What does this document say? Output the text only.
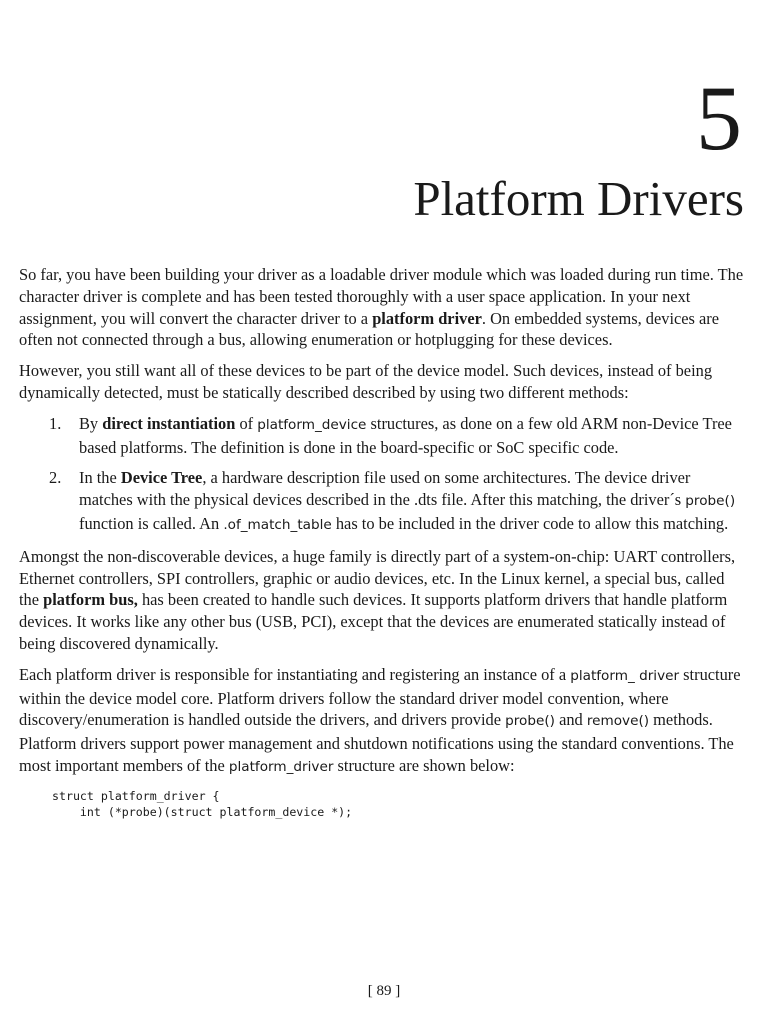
5
Platform Drivers

So far, you have been building your driver as a loadable driver module which was loaded during run time. The character driver is complete and has been tested thoroughly with a user space application. In your next assignment, you will convert the character driver to a platform driver. On embedded systems, devices are often not connected through a bus, allowing enumeration or hotplugging for these devices.

However, you still want all of these devices to be part of the device model. Such devices, instead of being dynamically detected, must be statically described described by using two different methods:

1. By direct instantiation of platform_device structures, as done on a few old ARM non-Device Tree based platforms. The definition is done in the board-specific or SoC specific code.
2. In the Device Tree, a hardware description file used on some architectures. The device driver matches with the physical devices described in the .dts file. After this matching, the driver´s probe() function is called. An .of_match_table has to be included in the driver code to allow this matching.

Amongst the non-discoverable devices, a huge family is directly part of a system-on-chip: UART controllers, Ethernet controllers, SPI controllers, graphic or audio devices, etc. In the Linux kernel, a special bus, called the platform bus, has been created to handle such devices. It supports platform drivers that handle platform devices. It works like any other bus (USB, PCI), except that the devices are enumerated statically instead of being discovered dynamically.

Each platform driver is responsible for instantiating and registering an instance of a platform_ driver structure within the device model core. Platform drivers follow the standard driver model convention, where discovery/enumeration is handled outside the drivers, and drivers provide probe() and remove() methods. Platform drivers support power management and shutdown notifications using the standard conventions. The most important members of the platform_driver structure are shown below:

struct platform_driver {
int (*probe)(struct platform_device *);
[ 89 ]
